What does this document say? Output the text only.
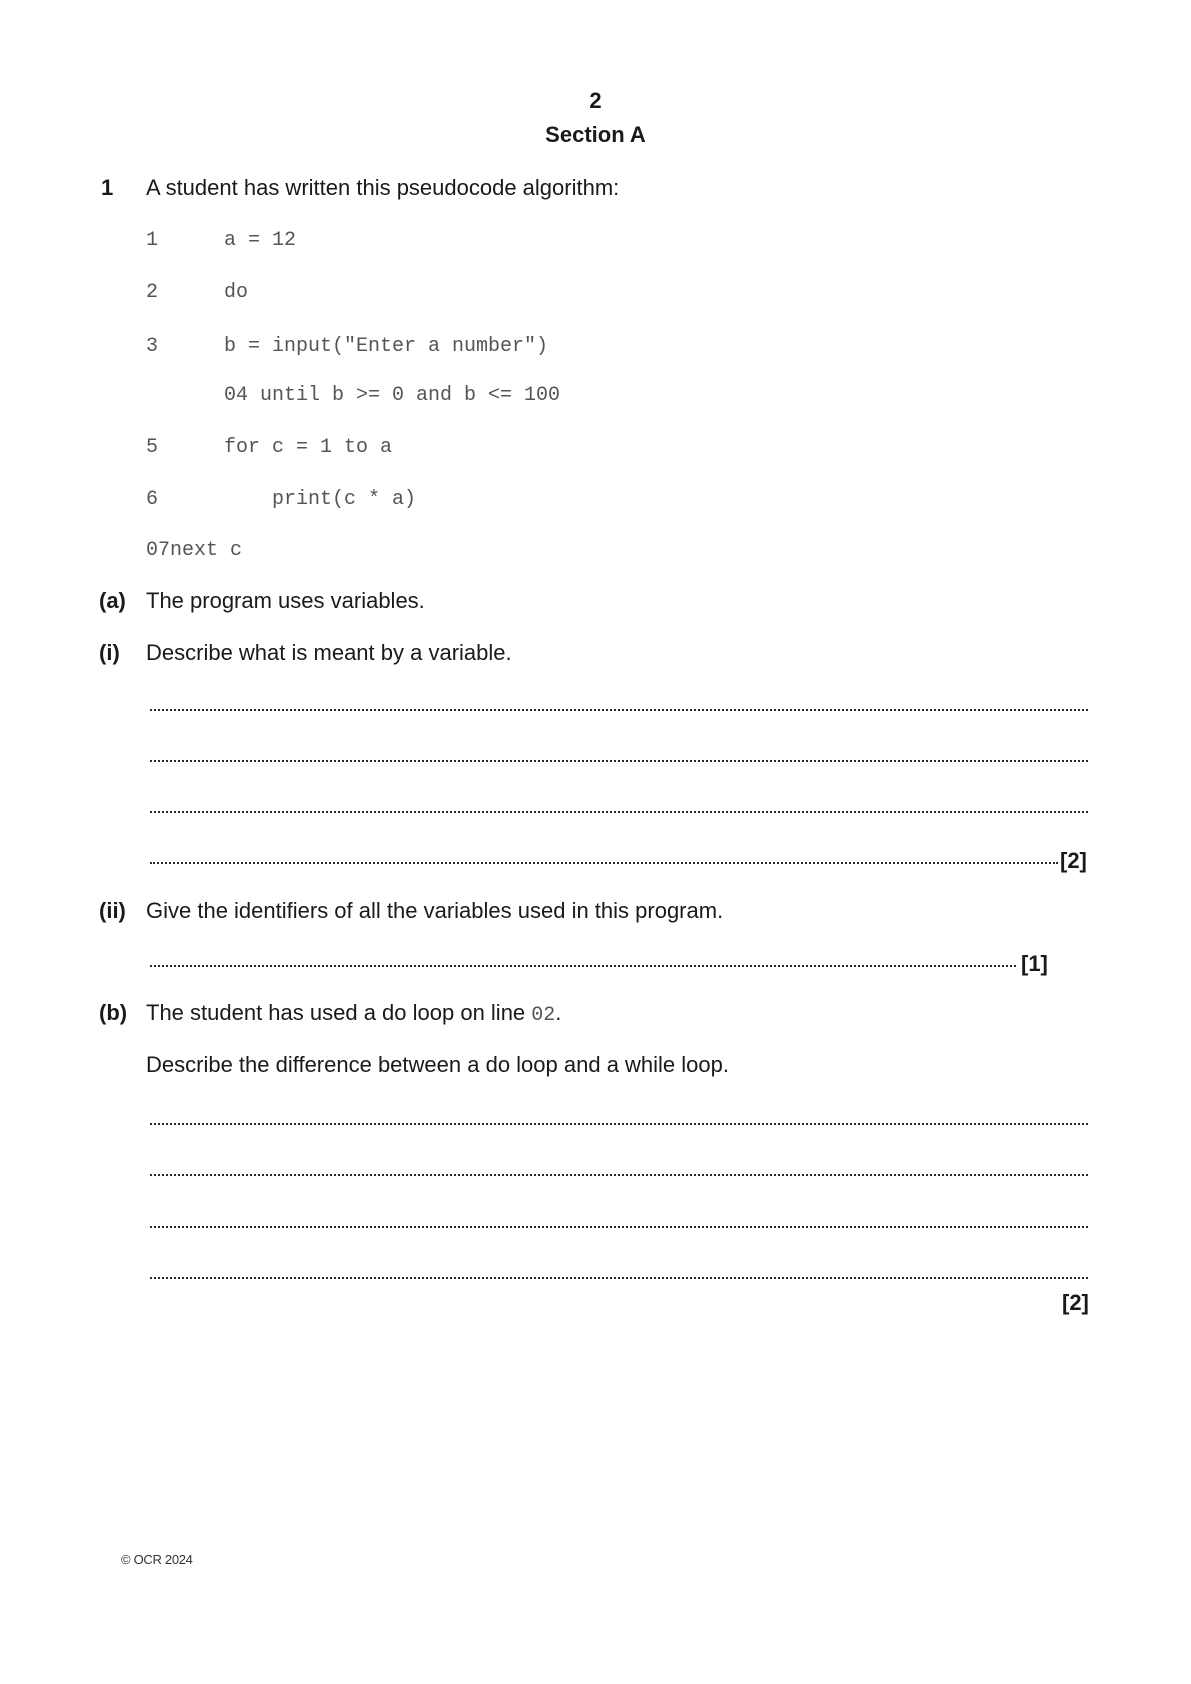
2
Section A
1 A student has written this pseudocode algorithm:
1	a = 12
2	do
3	b = input("Enter a number")
04 until b >= 0 and b <= 100
5	for c = 1 to a
6	print(c * a)
07next c
(a) The program uses variables.
(i) Describe what is meant by a variable.
[2]
(ii) Give the identifiers of all the variables used in this program.
[1]
(b) The student has used a do loop on line 02.
Describe the difference between a do loop and a while loop.
[2]
© OCR 2024
